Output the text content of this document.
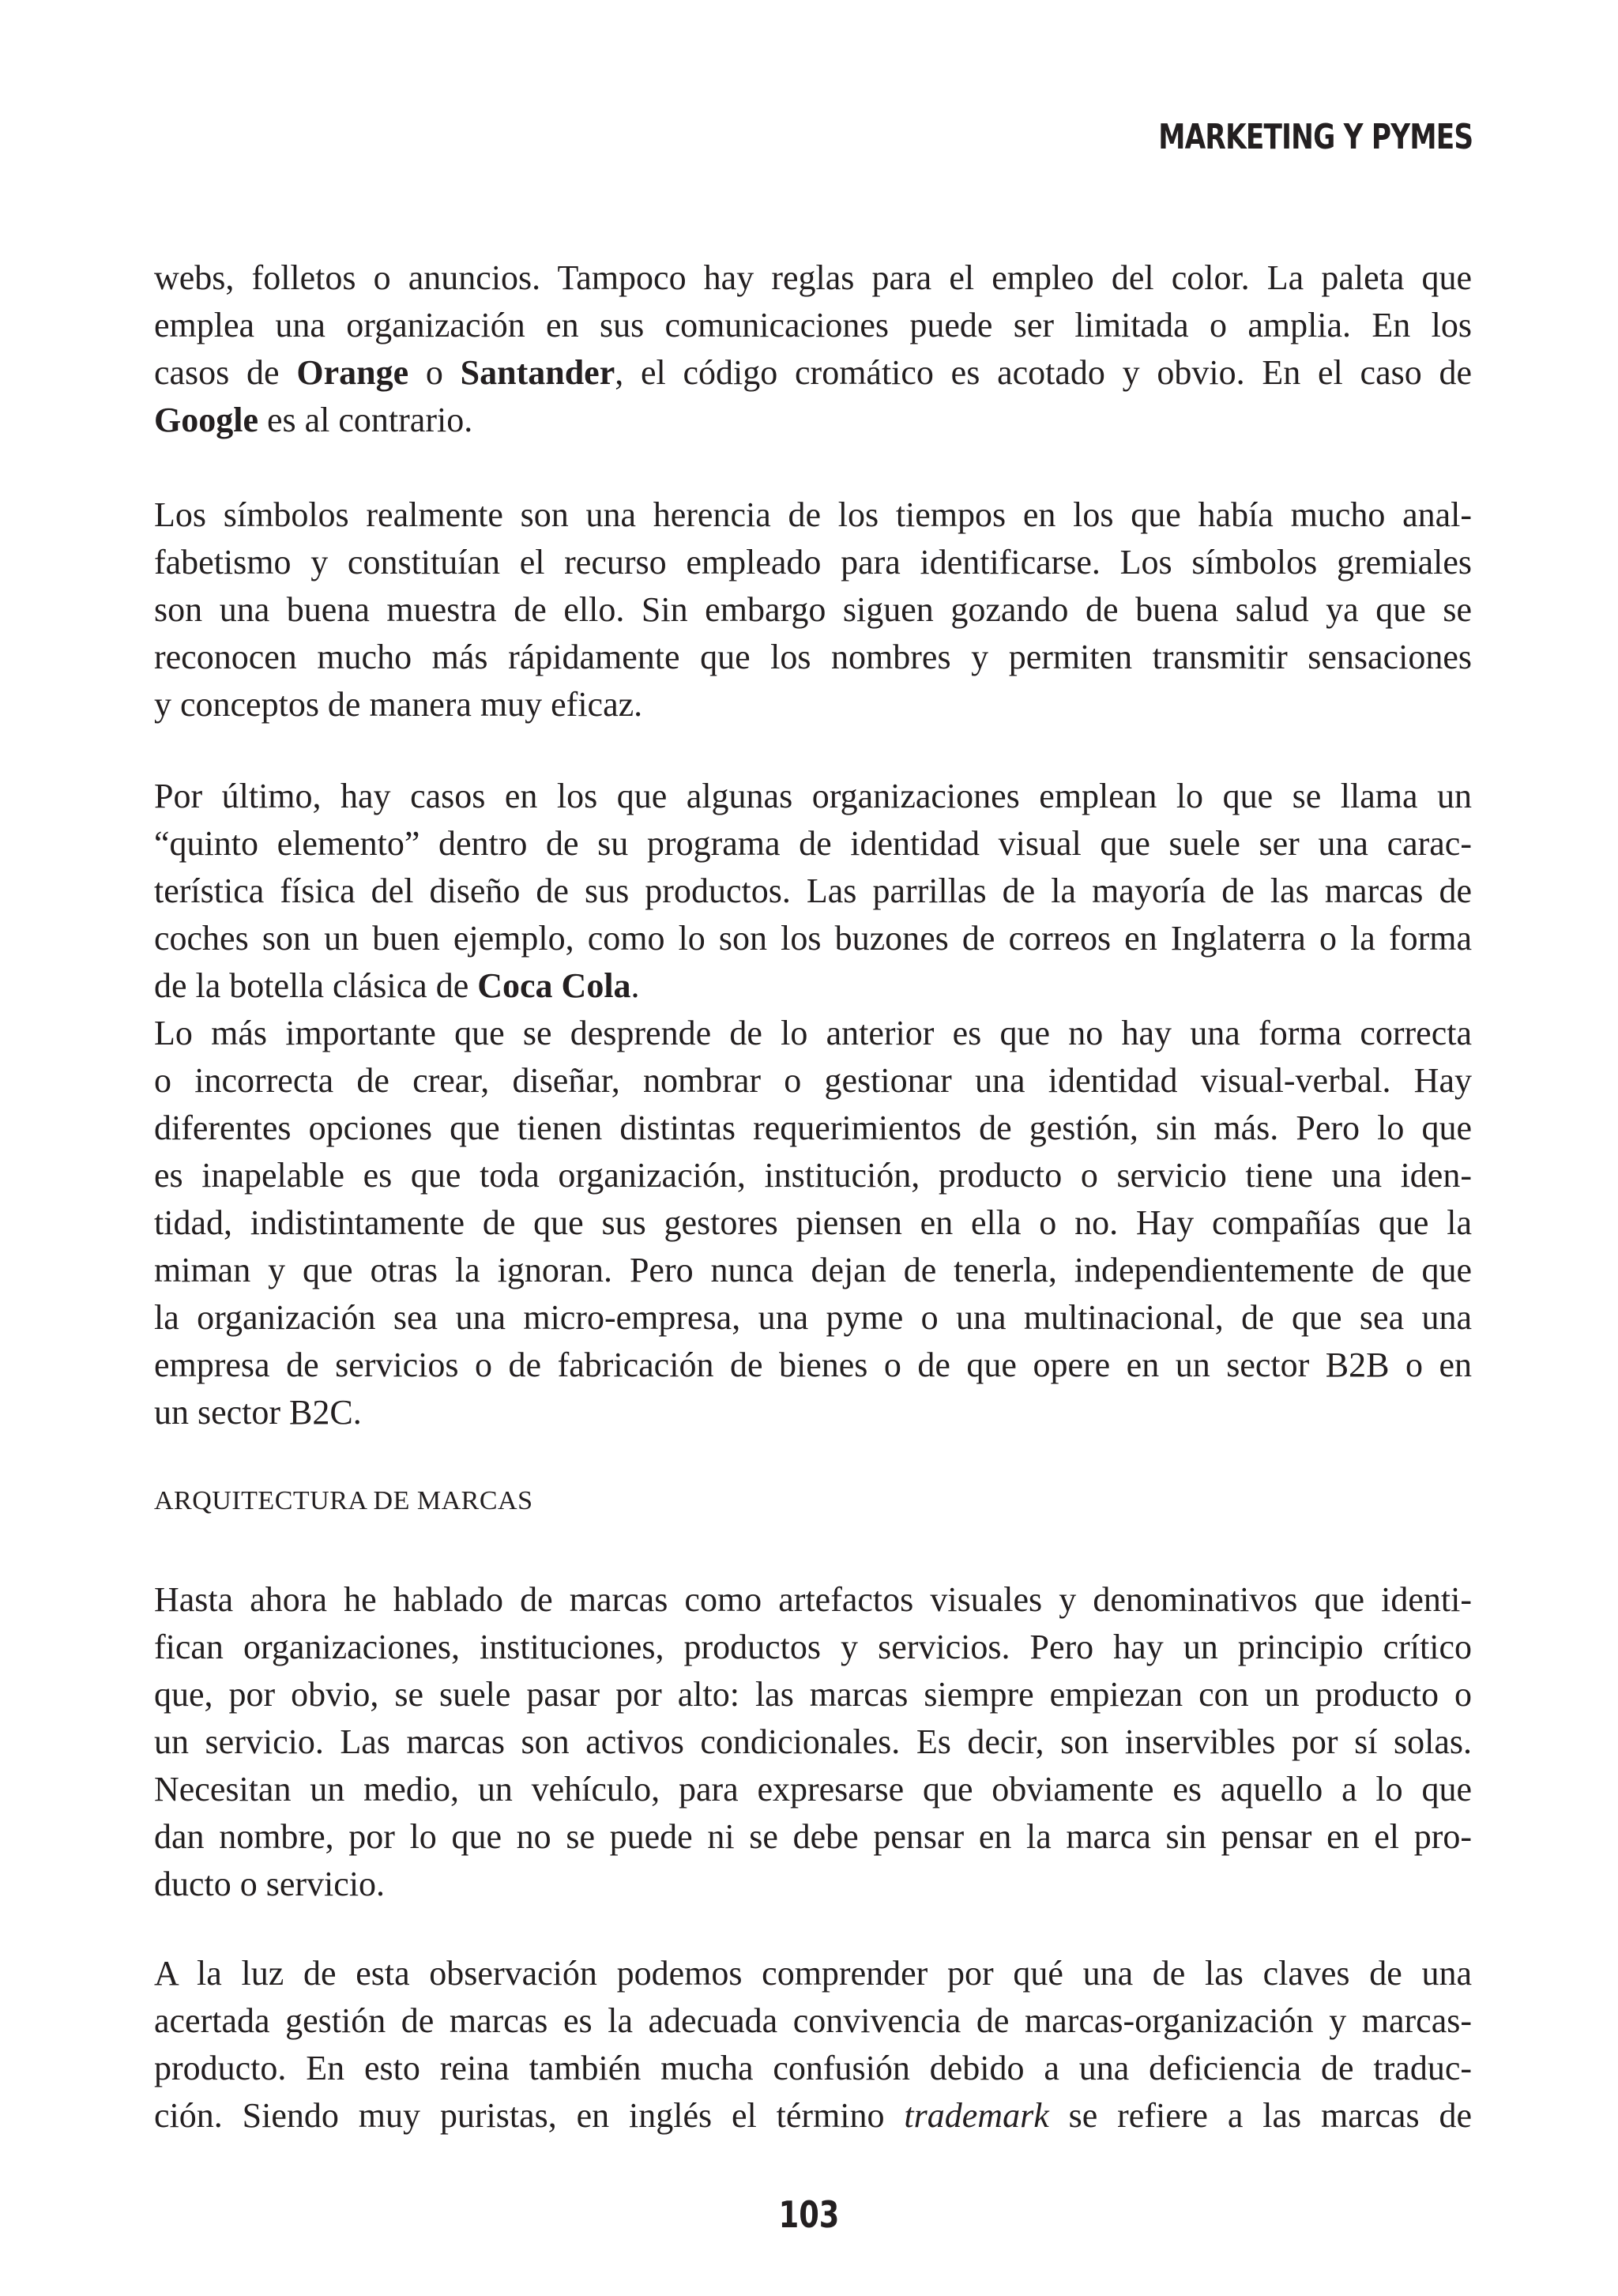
MARKETING Y PYMES
webs, folletos o anuncios. Tampoco hay reglas para el empleo del color. La paleta que
emplea una organización en sus comunicaciones puede ser limitada o amplia. En los
casos de Orange o Santander, el código cromático es acotado y obvio. En el caso de
Google es al contrario.
Los símbolos realmente son una herencia de los tiempos en los que había mucho anal-
fabetismo y constituían el recurso empleado para identificarse. Los símbolos gremiales
son una buena muestra de ello. Sin embargo siguen gozando de buena salud ya que se
reconocen mucho más rápidamente que los nombres y permiten transmitir sensaciones
y conceptos de manera muy eficaz.
Por último, hay casos en los que algunas organizaciones emplean lo que se llama un
“quinto elemento” dentro de su programa de identidad visual que suele ser una carac-
terística física del diseño de sus productos. Las parrillas de la mayoría de las marcas de
coches son un buen ejemplo, como lo son los buzones de correos en Inglaterra o la forma
de la botella clásica de Coca Cola.
Lo más importante que se desprende de lo anterior es que no hay una forma correcta
o incorrecta de crear, diseñar, nombrar o gestionar una identidad visual-verbal. Hay
diferentes opciones que tienen distintas requerimientos de gestión, sin más. Pero lo que
es inapelable es que toda organización, institución, producto o servicio tiene una iden-
tidad, indistintamente de que sus gestores piensen en ella o no. Hay compañías que la
miman y que otras la ignoran. Pero nunca dejan de tenerla, independientemente de que
la organización sea una micro-empresa, una pyme o una multinacional, de que sea una
empresa de servicios o de fabricación de bienes o de que opere en un sector B2B o en
un sector B2C.
ARQUITECTURA DE MARCAS
Hasta ahora he hablado de marcas como artefactos visuales y denominativos que identi-
fican organizaciones, instituciones, productos y servicios. Pero hay un principio crítico
que, por obvio, se suele pasar por alto: las marcas siempre empiezan con un producto o
un servicio. Las marcas son activos condicionales. Es decir, son inservibles por sí solas.
Necesitan un medio, un vehículo, para expresarse que obviamente es aquello a lo que
dan nombre, por lo que no se puede ni se debe pensar en la marca sin pensar en el pro-
ducto o servicio.
A la luz de esta observación podemos comprender por qué una de las claves de una
acertada gestión de marcas es la adecuada convivencia de marcas-organización y marcas-
producto. En esto reina también mucha confusión debido a una deficiencia de traduc-
ción. Siendo muy puristas, en inglés el término trademark se refiere a las marcas de
103
